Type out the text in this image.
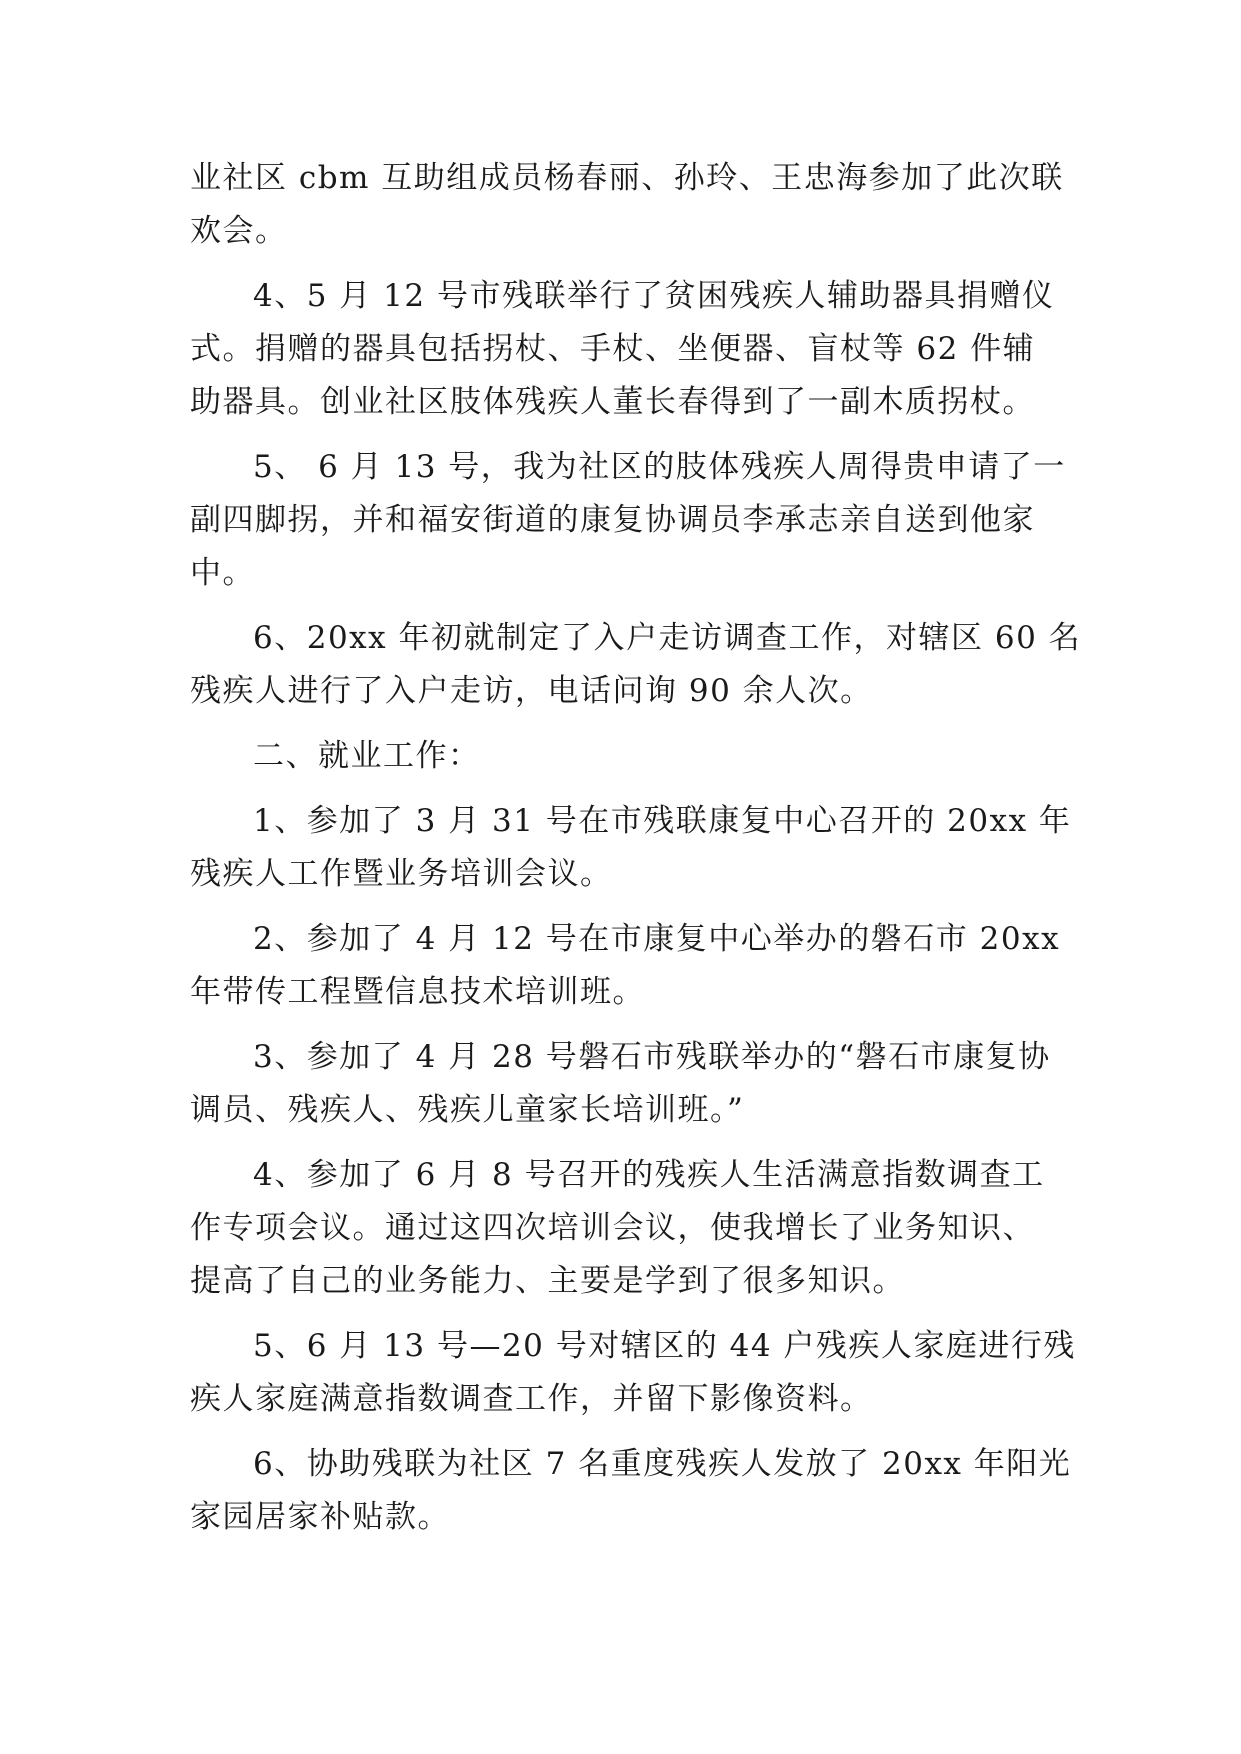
业社区 cbm 互助组成员杨春丽、孙玲、王忠海参加了此次联
欢会。
4、5 月 12 号市残联举行了贫困残疾人辅助器具捐赠仪
式。捐赠的器具包括拐杖、手杖、坐便器、盲杖等 62 件辅
助器具。创业社区肢体残疾人董长春得到了一副木质拐杖。
5、 6 月 13 号，我为社区的肢体残疾人周得贵申请了一
副四脚拐，并和福安街道的康复协调员李承志亲自送到他家
中。
6、20xx 年初就制定了入户走访调查工作，对辖区 60 名
残疾人进行了入户走访，电话问询 90 余人次。
二、就业工作：
1、参加了 3 月 31 号在市残联康复中心召开的 20xx 年
残疾人工作暨业务培训会议。
2、参加了 4 月 12 号在市康复中心举办的磐石市 20xx
年带传工程暨信息技术培训班。
3、参加了 4 月 28 号磐石市残联举办的“磐石市康复协
调员、残疾人、残疾儿童家长培训班。”
4、参加了 6 月 8 号召开的残疾人生活满意指数调查工
作专项会议。通过这四次培训会议，使我增长了业务知识、
提高了自己的业务能力、主要是学到了很多知识。
5、6 月 13 号—20 号对辖区的 44 户残疾人家庭进行残
疾人家庭满意指数调查工作，并留下影像资料。
6、协助残联为社区 7 名重度残疾人发放了 20xx 年阳光
家园居家补贴款。
